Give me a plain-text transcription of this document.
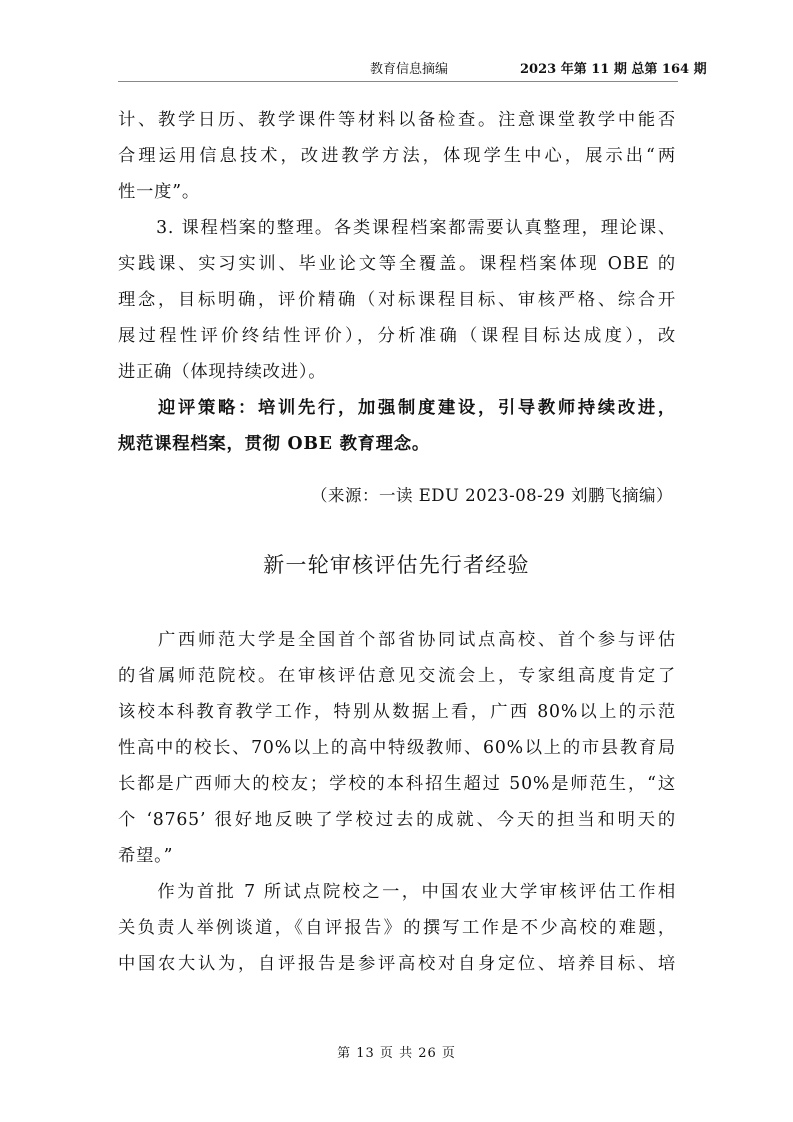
教育信息摘编	2023 年第 11 期 总第 164 期
计、教学日历、教学课件等材料以备检查。注意课堂教学中能否
合理运用信息技术，改进教学方法，体现学生中心，展示出“两
性一度”。
　　3. 课程档案的整理。各类课程档案都需要认真整理，理论课、
实践课、实习实训、毕业论文等全覆盖。课程档案体现 OBE 的
理念，目标明确，评价精确（对标课程目标、审核严格、综合开
展过程性评价终结性评价），分析准确（课程目标达成度），改
进正确（体现持续改进）。
　　迎评策略：培训先行，加强制度建设，引导教师持续改进，
规范课程档案，贯彻 OBE 教育理念。
（来源：一读 EDU 2023-08-29 刘鹏飞摘编）
新一轮审核评估先行者经验
　　广西师范大学是全国首个部省协同试点高校、首个参与评估
的省属师范院校。在审核评估意见交流会上，专家组高度肯定了
该校本科教育教学工作，特别从数据上看，广西 80%以上的示范
性高中的校长、70%以上的高中特级教师、60%以上的市县教育局
长都是广西师大的校友；学校的本科招生超过 50%是师范生，“这
个 ‘8765’ 很好地反映了学校过去的成就、今天的担当和明天的
希望。”
　　作为首批 7 所试点院校之一，中国农业大学审核评估工作相
关负责人举例谈道，《自评报告》的撰写工作是不少高校的难题，
中国农大认为，自评报告是参评高校对自身定位、培养目标、培
第 13 页 共 26 页
